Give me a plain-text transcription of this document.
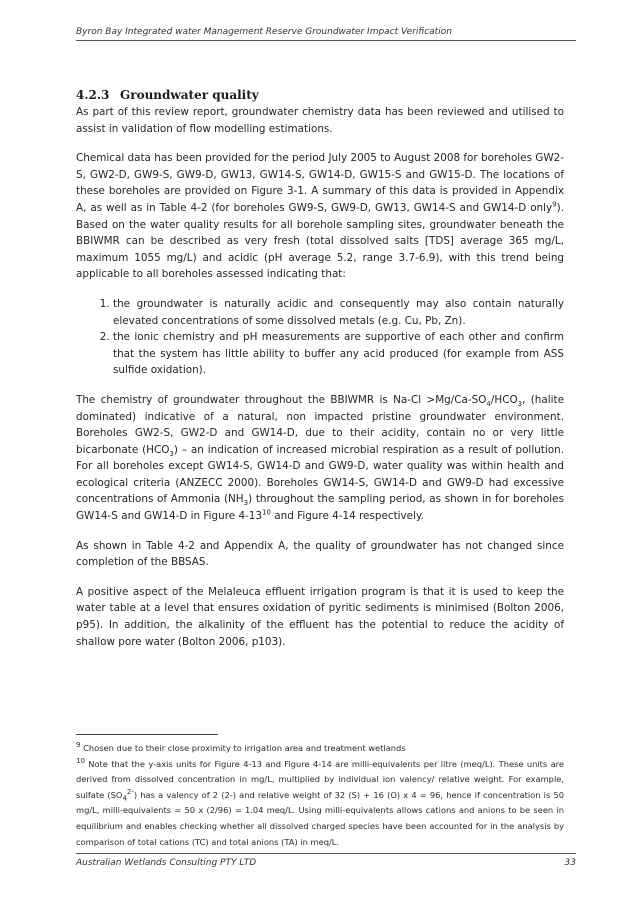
Byron Bay Integrated water Management Reserve Groundwater Impact Verification
4.2.3 Groundwater quality

As part of this review report, groundwater chemistry data has been reviewed and utilised to assist in validation of flow modelling estimations.

Chemical data has been provided for the period July 2005 to August 2008 for boreholes GW2-S, GW2-D, GW9-S, GW9-D, GW13, GW14-S, GW14-D, GW15-S and GW15-D. The locations of these boreholes are provided on Figure 3-1. A summary of this data is provided in Appendix A, as well as in Table 4-2 (for boreholes GW9-S, GW9-D, GW13, GW14-S and GW14-D only$^9$). Based on the water quality results for all borehole sampling sites, groundwater beneath the BBIWMR can be described as very fresh (total dissolved salts [TDS] average 365 mg/L, maximum 1055 mg/L) and acidic (pH average 5.2, range 3.7-6.9), with this trend being applicable to all boreholes assessed indicating that:

1. the groundwater is naturally acidic and consequently may also contain naturally elevated concentrations of some dissolved metals (e.g. Cu, Pb, Zn).
2. the ionic chemistry and pH measurements are supportive of each other and confirm that the system has little ability to buffer any acid produced (for example from ASS sulfide oxidation).

The chemistry of groundwater throughout the BBIWMR is $Na-Cl >Mg/Ca-SO_4/HCO_3$, (halite dominated) indicative of a natural, non impacted pristine groundwater environment. Boreholes GW2-S, GW2-D and GW14-D, due to their acidity, contain no or very little bicarbonate $(HCO_3)$ – an indication of increased microbial respiration as a result of pollution. For all boreholes except GW14-S, GW14-D and GW9-D, water quality was within health and ecological criteria (ANZECC 2000). Boreholes GW14-S, GW14-D and GW9-D had excessive concentrations of Ammonia $(NH_3)$ throughout the sampling period, as shown in for boreholes GW14-S and GW14-D in Figure $4-13^{10}$ and Figure 4-14 respectively.

As shown in Table 4-2 and Appendix A, the quality of groundwater has not changed since completion of the BBSAS.

A positive aspect of the Melaleuca effluent irrigation program is that it is used to keep the water table at a level that ensures oxidation of pyritic sediments is minimised (Bolton 2006, p95). In addition, the alkalinity of the effluent has the potential to reduce the acidity of shallow pore water (Bolton 2006, p103).

$^9$ Chosen due to their close proximity to irrigation area and treatment wetlands

$^{10}$ Note that the y-axis units for Figure 4-13 and Figure 4-14 are milli-equivalents per litre (meq/L). These units are derived from dissolved concentration in mg/L, multiplied by individual ion valency/ relative weight. For example, sulfate $(SO_4^{2-})$ has a valency of 2 (2-) and relative weight of 32 (S) + 16 (O) x 4 = 96, hence if concentration is 50 mg/L, milli-equivalents = 50 x (2/96) = 1.04 meq/L. Using milli-equivalents allows cations and anions to be seen in equilibrium and enables checking whether all dissolved charged species have been accounted for in the analysis by comparison of total cations (TC) and total anions (TA) in meq/L.

Australian Wetlands Consulting PTY LTD	33
